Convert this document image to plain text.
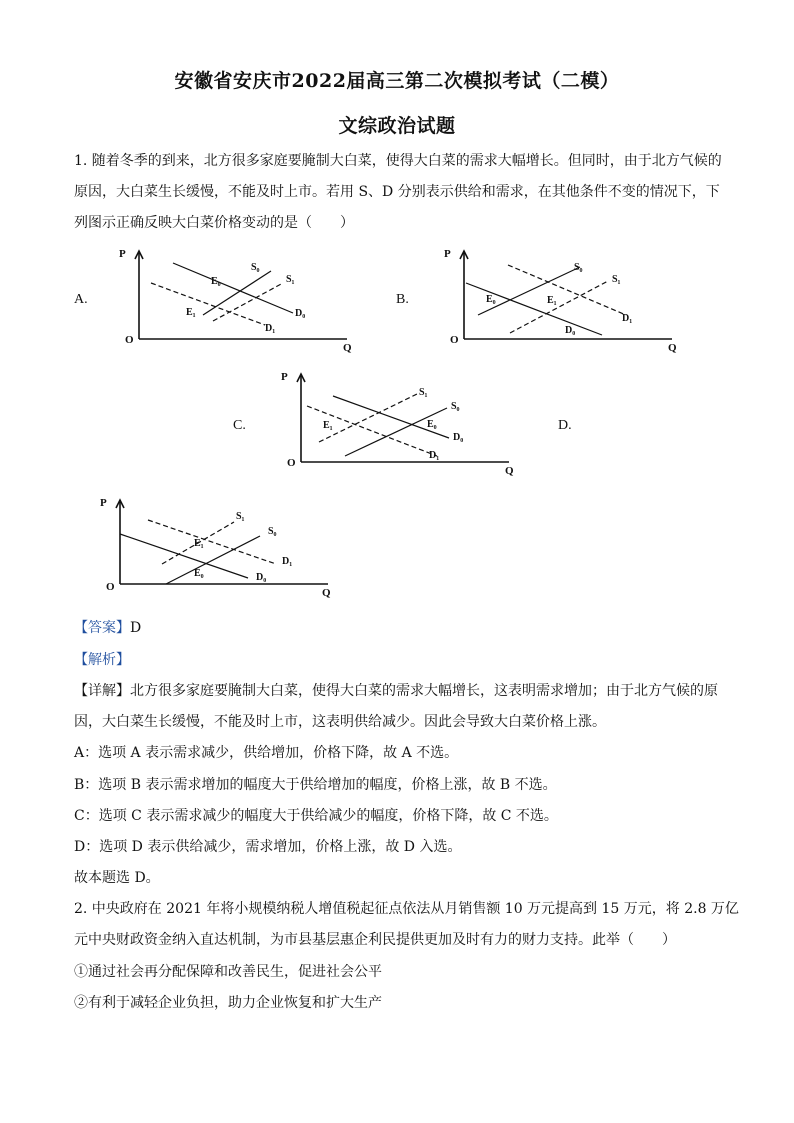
安徽省安庆市2022届高三第二次模拟考试（二模）
文综政治试题
1. 随着冬季的到来，北方很多家庭要腌制大白菜，使得大白菜的需求大幅增长。但同时，由于北方气候的
原因，大白菜生长缓慢，不能及时上市。若用 S、D 分别表示供给和需求，在其他条件不变的情况下，下
列图示正确反映大白菜价格变动的是（　　）
A.
P
O
Q
S₀
S₁
E₀
E₁	D₀
D₁
B.
P
O
Q
S₀
S₁
E₀	E₁
D₁
D₀
C.
P
O
Q
S₁
S₀
E₁	E₀
D₀
D₁
D.
P
O	Q
S₁
S₀
E₁
D₁
E₀	D₀
【答案】D
【解析】
【详解】北方很多家庭要腌制大白菜，使得大白菜的需求大幅增长，这表明需求增加；由于北方气候的原
因，大白菜生长缓慢，不能及时上市，这表明供给减少。因此会导致大白菜价格上涨。
A：选项 A 表示需求减少，供给增加，价格下降，故 A 不选。
B：选项 B 表示需求增加的幅度大于供给增加的幅度，价格上涨，故 B 不选。
C：选项 C 表示需求减少的幅度大于供给减少的幅度，价格下降，故 C 不选。
D：选项 D 表示供给减少，需求增加，价格上涨，故 D 入选。
故本题选 D。
2. 中央政府在 2021 年将小规模纳税人增值税起征点依法从月销售额 10 万元提高到 15 万元，将 2.8 万亿
元中央财政资金纳入直达机制，为市县基层惠企利民提供更加及时有力的财力支持。此举（　　）
①通过社会再分配保障和改善民生，促进社会公平
②有利于减轻企业负担，助力企业恢复和扩大生产
